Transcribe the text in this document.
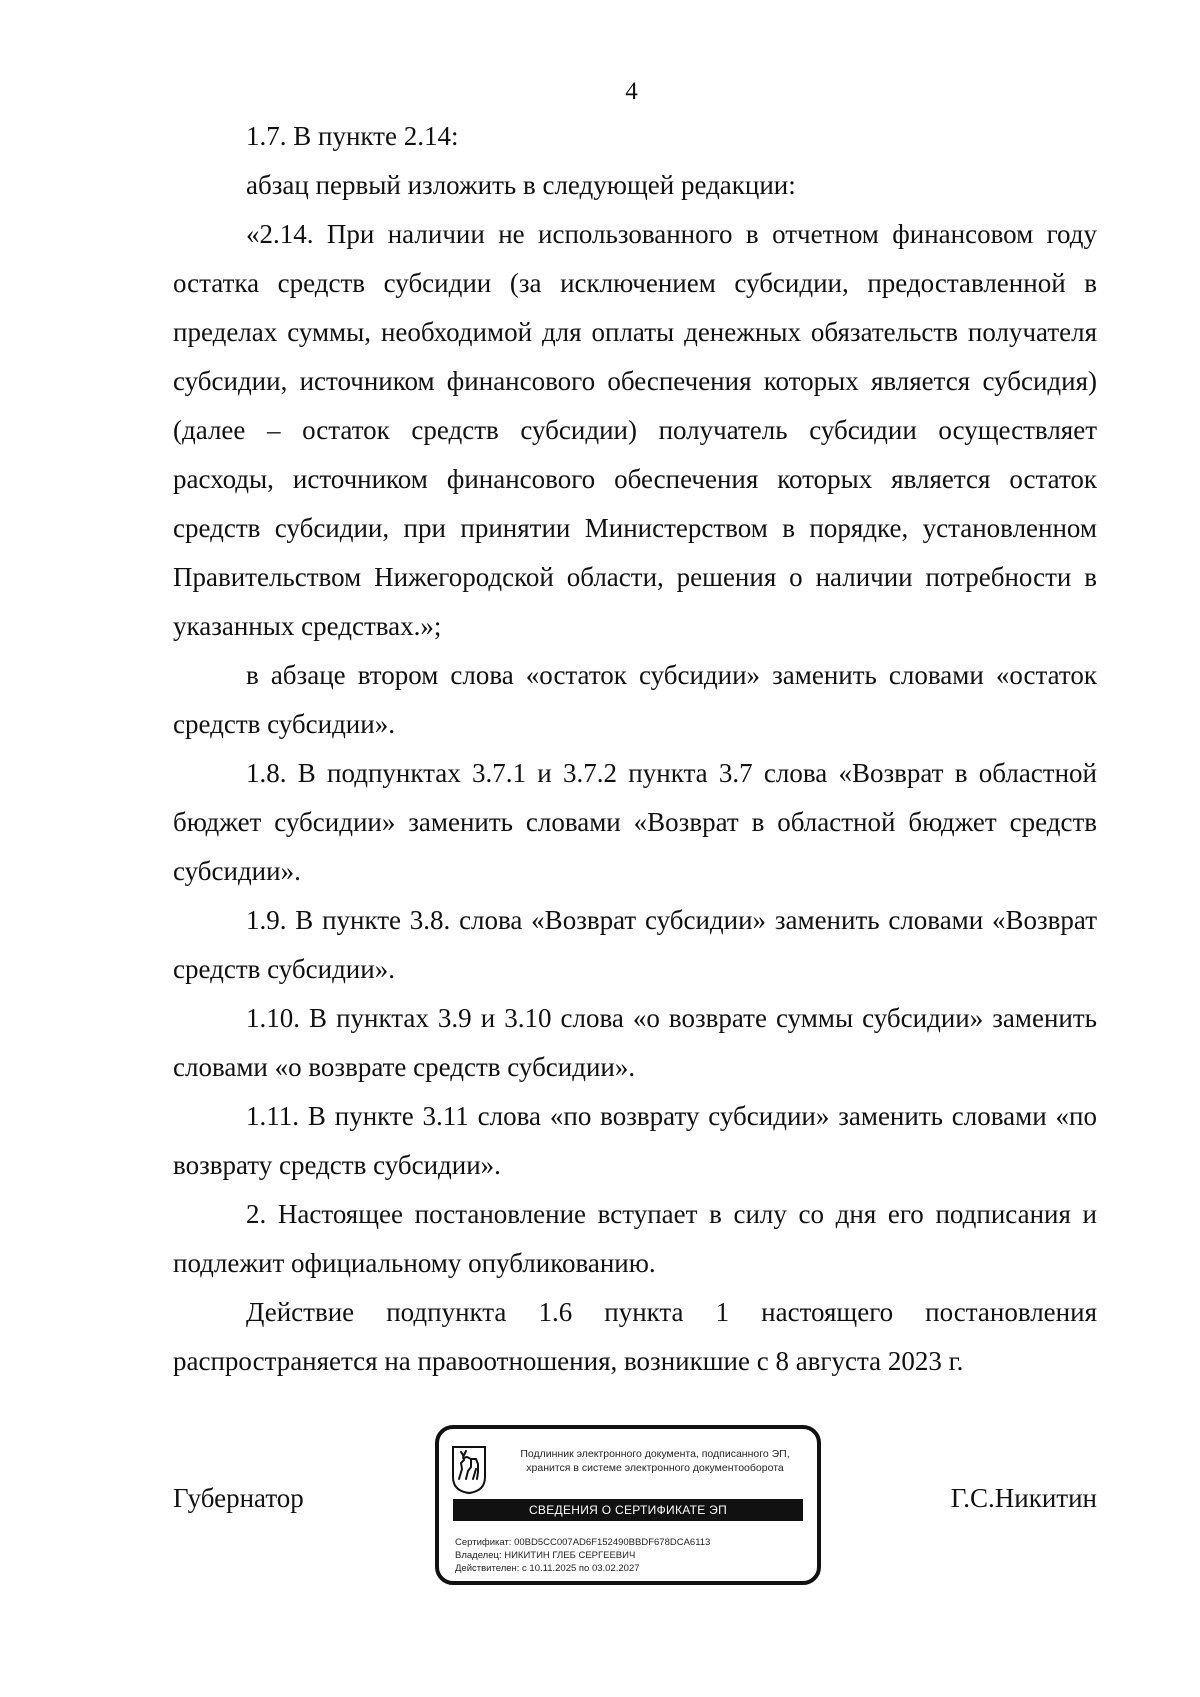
4

1.7. В пункте 2.14:

абзац первый изложить в следующей редакции:

«2.14. При наличии не использованного в отчетном финансовом году остатка средств субсидии (за исключением субсидии, предоставленной в пределах суммы, необходимой для оплаты денежных обязательств получателя субсидии, источником финансового обеспечения которых является субсидия) (далее – остаток средств субсидии) получатель субсидии осуществляет расходы, источником финансового обеспечения которых является остаток средств субсидии, при принятии Министерством в порядке, установленном Правительством Нижегородской области, решения о наличии потребности в указанных средствах.»;

в абзаце втором слова «остаток субсидии» заменить словами «остаток средств субсидии».

1.8. В подпунктах 3.7.1 и 3.7.2 пункта 3.7 слова «Возврат в областной бюджет субсидии» заменить словами «Возврат в областной бюджет средств субсидии».

1.9. В пункте 3.8. слова «Возврат субсидии» заменить словами «Возврат средств субсидии».

1.10. В пунктах 3.9 и 3.10 слова «о возврате суммы субсидии» заменить словами «о возврате средств субсидии».

1.11. В пункте 3.11 слова «по возврату субсидии» заменить словами «по возврату средств субсидии».

2. Настоящее постановление вступает в силу со дня его подписания и подлежит официальному опубликованию.

Действие подпункта 1.6 пункта 1 настоящего постановления распространяется на правоотношения, возникшие с 8 августа 2023 г.

Губернатор	Г.С.Никитин
Подлинник электронного документа, подписанного ЭП,
хранится в системе электронного документооборота
СВЕДЕНИЯ О СЕРТИФИКАТЕ ЭП
Сертификат: 00BD5CC007AD6F152490BBDF678DCA6113
Владелец: НИКИТИН ГЛЕБ СЕРГЕЕВИЧ
Действителен: с 10.11.2025 по 03.02.2027
